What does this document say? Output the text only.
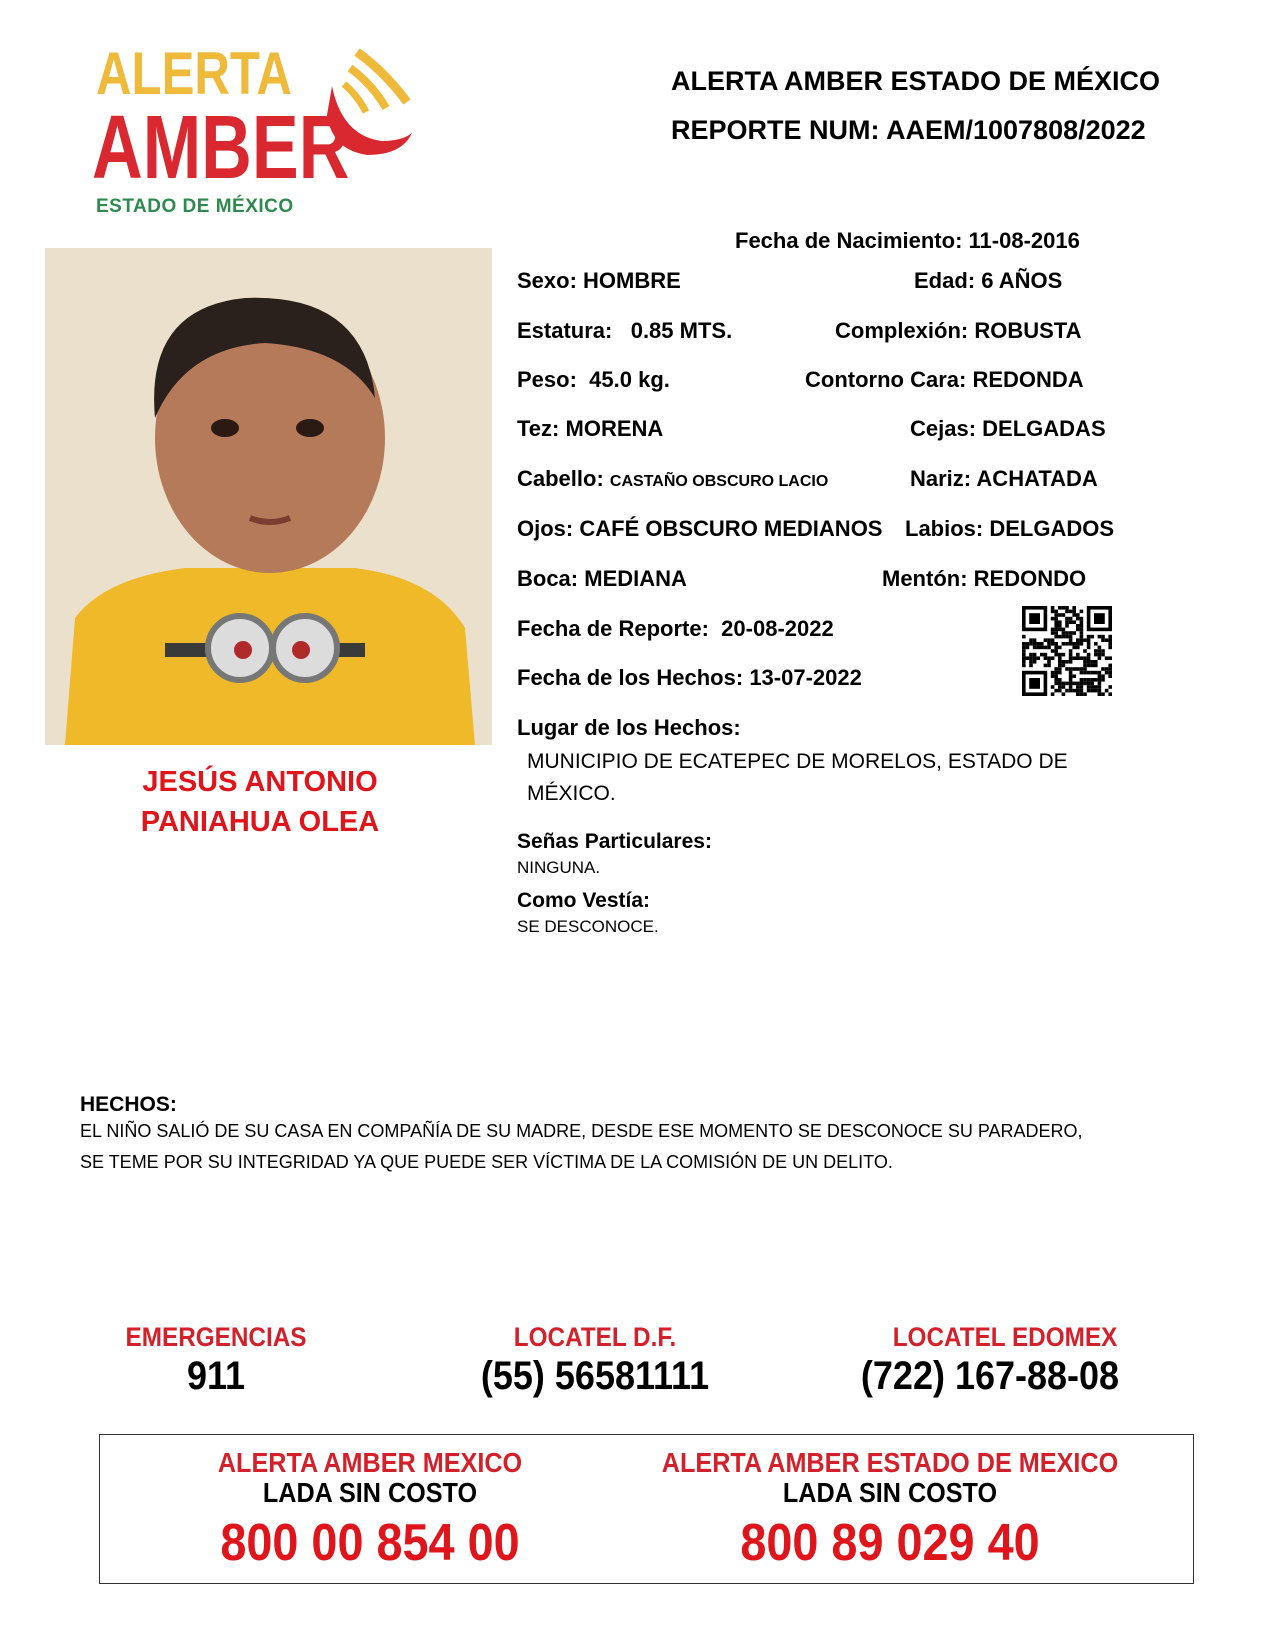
ALERTA
AMBER
ESTADO DE MÉXICO
ALERTA AMBER ESTADO DE MÉXICO
REPORTE NUM: AAEM/1007808/2022
JESÚS ANTONIO
PANIAHUA OLEA
Fecha de Nacimiento: 11-08-2016
Sexo: HOMBRE	Edad: 6 AÑOS
Estatura: 0.85 MTS.	Complexión: ROBUSTA
Peso: 45.0 kg.	Contorno Cara: REDONDA
Tez: MORENA	Cejas: DELGADAS
Cabello: CASTAÑO OBSCURO LACIO	Nariz: ACHATADA
Ojos: CAFÉ OBSCURO MEDIANOS Labios: DELGADOS
Boca: MEDIANA	Mentón: REDONDO
Fecha de Reporte: 20-08-2022
Fecha de los Hechos: 13-07-2022
Lugar de los Hechos:
MUNICIPIO DE ECATEPEC DE MORELOS, ESTADO DE
MÉXICO.
Señas Particulares:
NINGUNA.
Como Vestía:
SE DESCONOCE.
HECHOS:
EL NIÑO SALIÓ DE SU CASA EN COMPAÑÍA DE SU MADRE, DESDE ESE MOMENTO SE DESCONOCE SU PARADERO,
SE TEME POR SU INTEGRIDAD YA QUE PUEDE SER VÍCTIMA DE LA COMISIÓN DE UN DELITO.
EMERGENCIAS
911
LOCATEL D.F.
(55) 56581111
LOCATEL EDOMEX
(722) 167-88-08
ALERTA AMBER MEXICO
LADA SIN COSTO
800 00 854 00
ALERTA AMBER ESTADO DE MEXICO
LADA SIN COSTO
800 89 029 40
